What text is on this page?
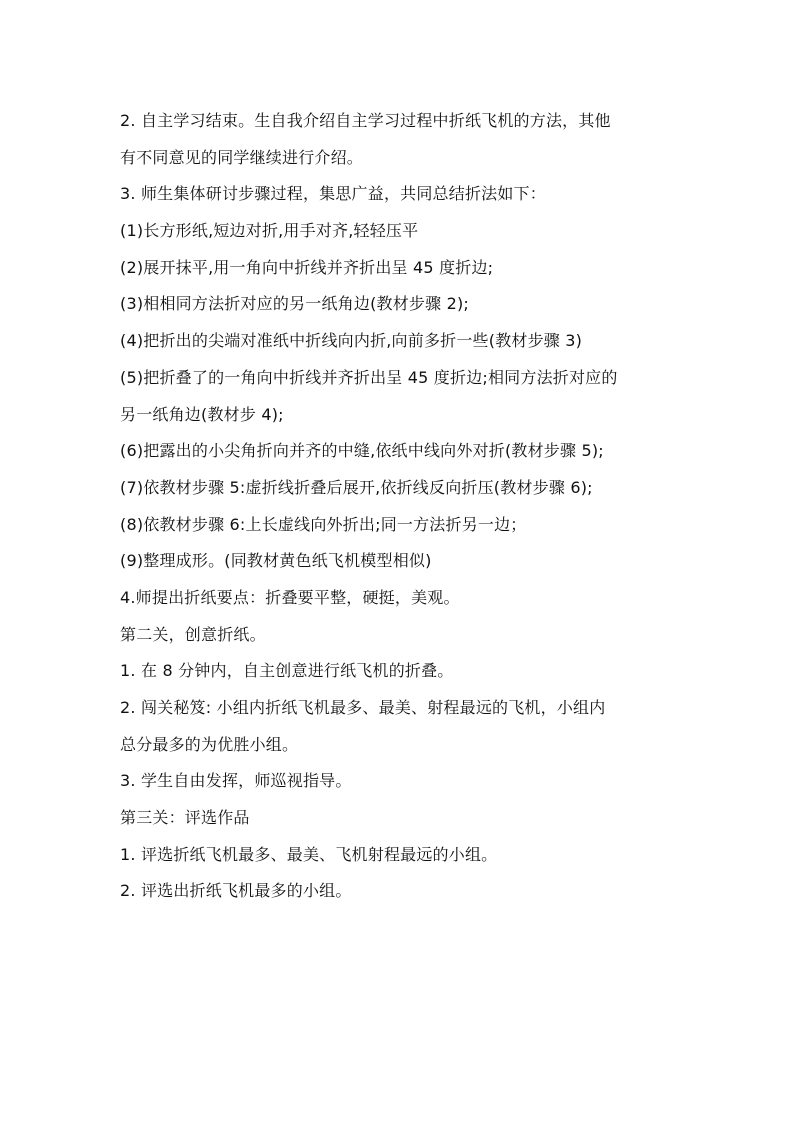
2. 自主学习结束。生自我介绍自主学习过程中折纸飞机的方法，其他
有不同意见的同学继续进行介绍。
3. 师生集体研讨步骤过程，集思广益，共同总结折法如下：
(1)长方形纸,短边对折,用手对齐,轻轻压平
(2)展开抹平,用一角向中折线并齐折出呈 45 度折边;
(3)相相同方法折对应的另一纸角边(教材步骤 2);
(4)把折出的尖端对准纸中折线向内折,向前多折一些(教材步骤 3)
(5)把折叠了的一角向中折线并齐折出呈 45 度折边;相同方法折对应的
另一纸角边(教材步 4);
(6)把露出的小尖角折向并齐的中缝,依纸中线向外对折(教材步骤 5);
(7)依教材步骤 5:虚折线折叠后展开,依折线反向折压(教材步骤 6);
(8)依教材步骤 6:上长虚线向外折出;同一方法折另一边；
(9)整理成形。(同教材黄色纸飞机模型相似)
4.师提出折纸要点：折叠要平整，硬挺，美观。
第二关，创意折纸。
1. 在 8 分钟内，自主创意进行纸飞机的折叠。
2. 闯关秘笈: 小组内折纸飞机最多、最美、射程最远的飞机，小组内
总分最多的为优胜小组。
3. 学生自由发挥，师巡视指导。
第三关：评选作品
1. 评选折纸飞机最多、最美、飞机射程最远的小组。
2. 评选出折纸飞机最多的小组。
